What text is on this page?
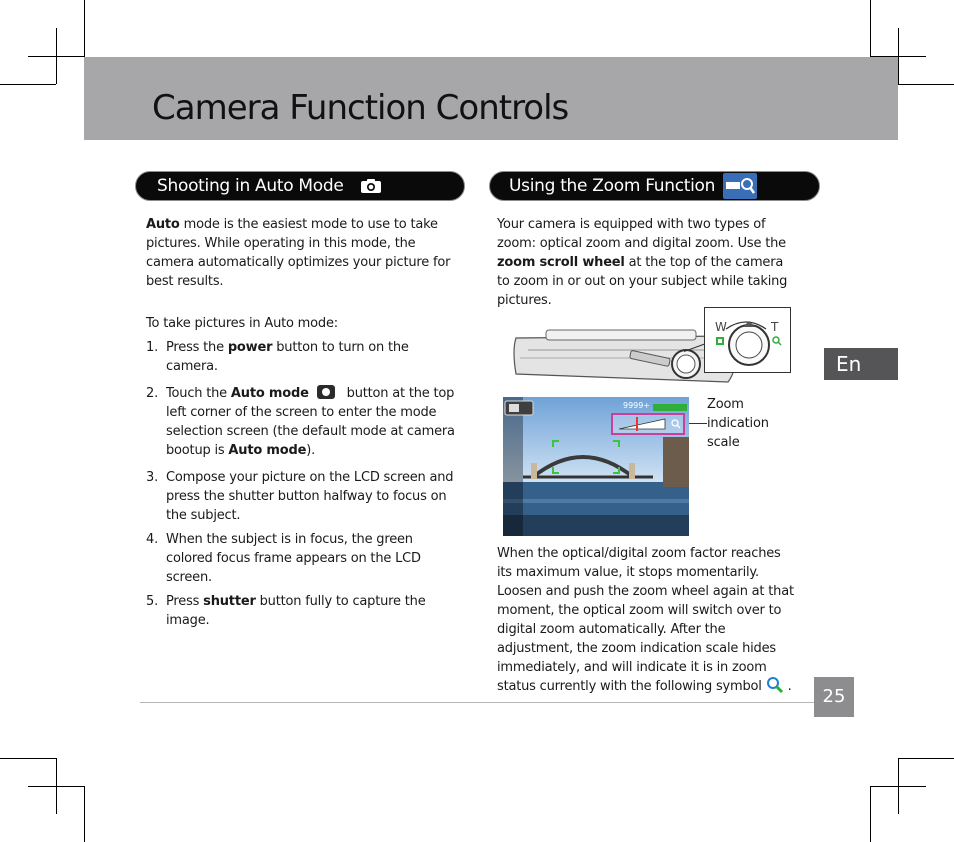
Camera Function Controls
Shooting in Auto Mode	Using the Zoom Function

Auto mode is the easiest mode to use to take pictures. While operating in this mode, the camera automatically optimizes your picture for best results.

To take pictures in Auto mode:

1. Press the power button to turn on the camera.
2. Touch the Auto mode	button at the top left corner of the screen to enter the mode selection screen (the default mode at camera bootup is Auto mode).
3. Compose your picture on the LCD screen and press the shutter button halfway to focus on the subject.
4. When the subject is in focus, the green colored focus frame appears on the LCD screen.
5. Press shutter button fully to capture the image.

Your camera is equipped with two types of zoom: optical zoom and digital zoom. Use the zoom scroll wheel at the top of the camera to zoom in or out on your subject while taking pictures.

W	T
9999+	Zoom indication scale

When the optical/digital zoom factor reaches its maximum value, it stops momentarily. Loosen and push the zoom wheel again at that moment, the optical zoom will switch over to digital zoom automatically. After the adjustment, the zoom indication scale hides immediately, and will indicate it is in zoom status currently with the following symbol .

En
25
